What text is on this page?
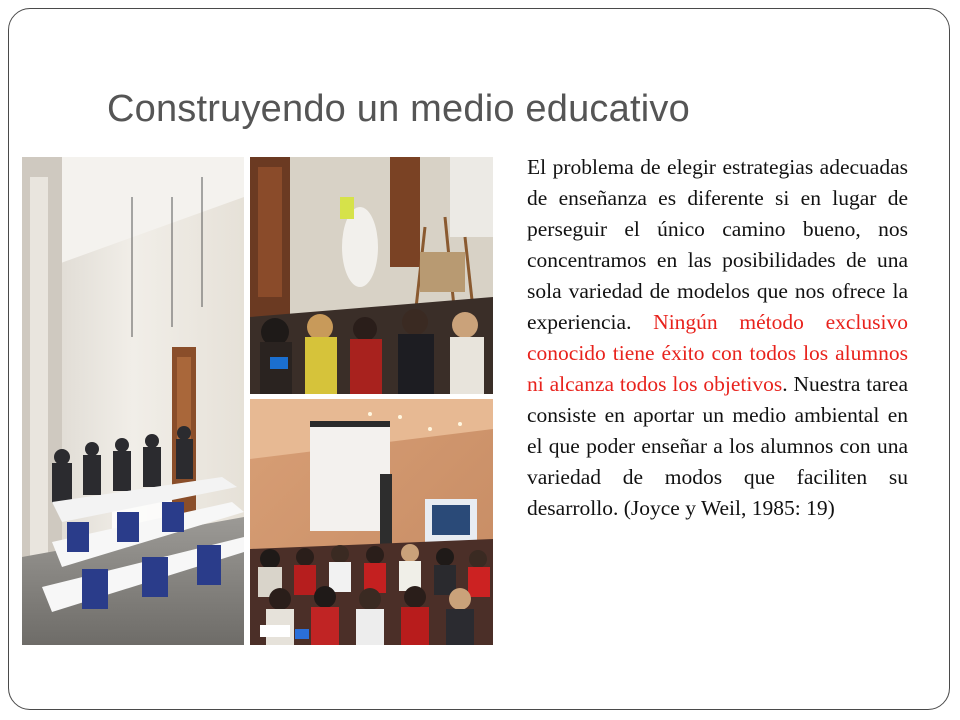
Construyendo un medio educativo
El problema de elegir estrategias adecuadas de enseñanza es diferente si en lugar de perseguir el único camino bueno, nos concentramos en las posibilidades de una sola variedad de modelos que nos ofrece la experiencia. Ningún método exclusivo conocido tiene éxito con todos los alumnos ni alcanza todos los objetivos. Nuestra tarea consiste en aportar un medio ambiental en el que poder enseñar a los alumnos con una variedad de modos que faciliten su desarrollo. (Joyce y Weil, 1985: 19)
